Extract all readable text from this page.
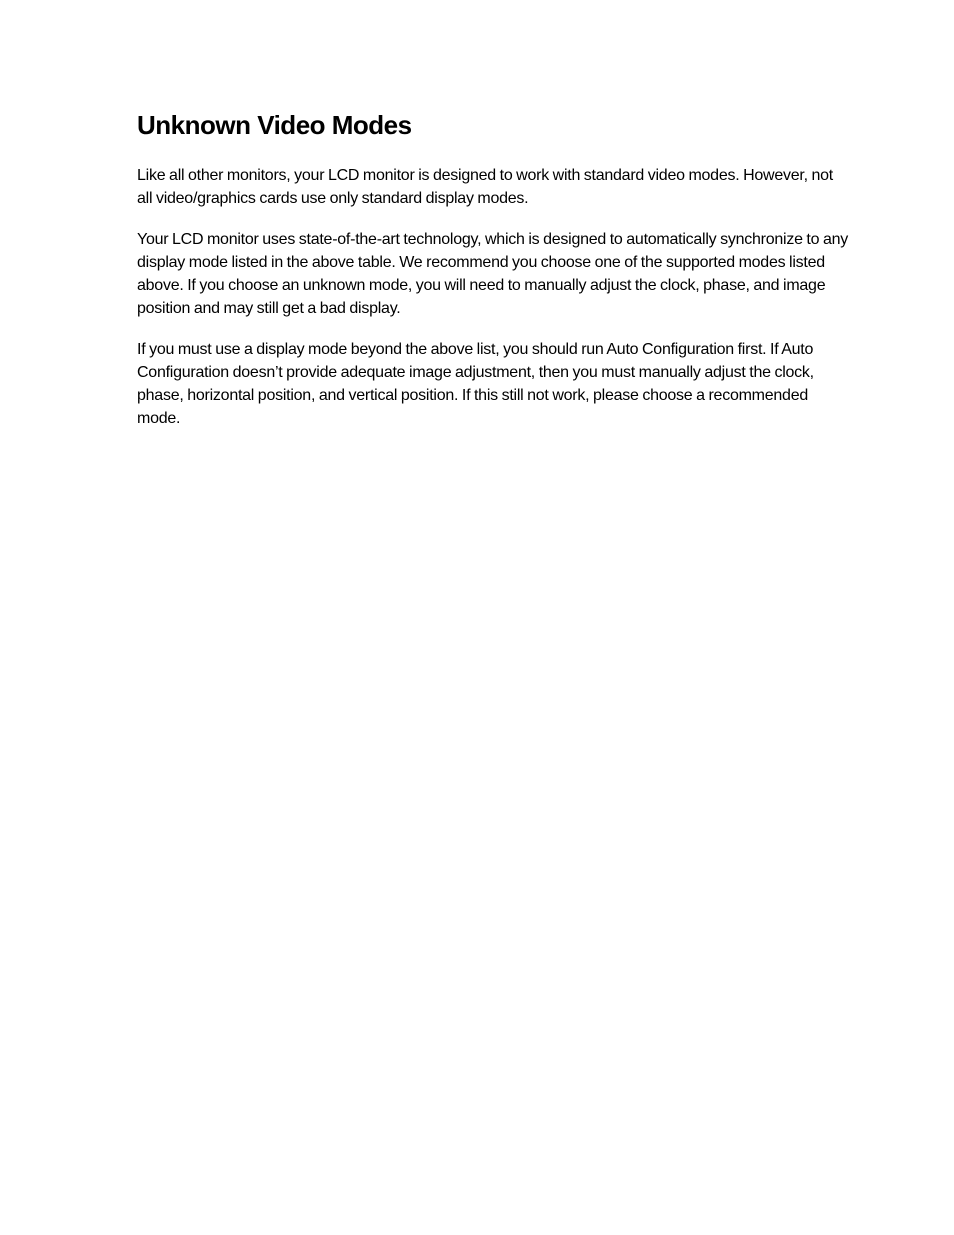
Unknown Video Modes

Like all other monitors, your LCD monitor is designed to work with standard video modes. However, not all video/graphics cards use only standard display modes.

Your LCD monitor uses state-of-the-art technology, which is designed to automatically synchronize to any display mode listed in the above table. We recommend you choose one of the supported modes listed above. If you choose an unknown mode, you will need to manually adjust the clock, phase, and image position and may still get a bad display.

If you must use a display mode beyond the above list, you should run Auto Configuration first. If Auto Configuration doesn’t provide adequate image adjustment, then you must manually adjust the clock, phase, horizontal position, and vertical position. If this still not work, please choose a recommended mode.
